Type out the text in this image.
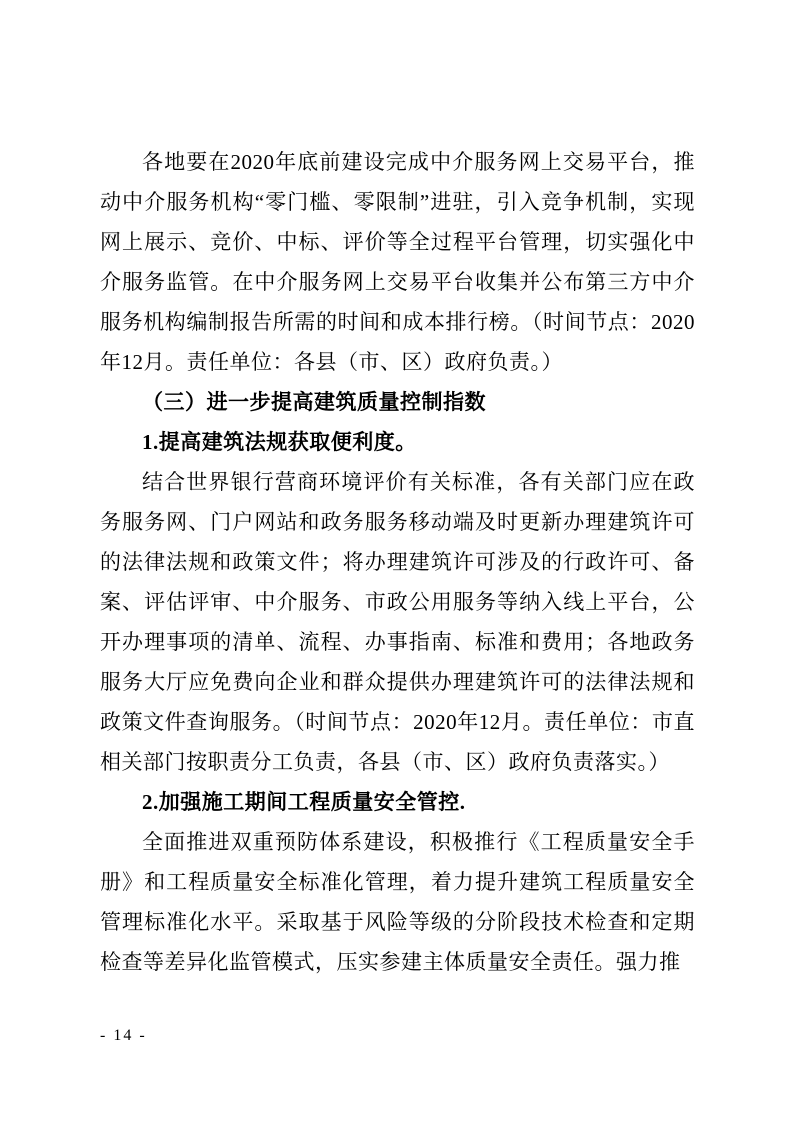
各地要在2020年底前建设完成中介服务网上交易平台，推动中介服务机构“零门槛、零限制”进驻，引入竞争机制，实现网上展示、竞价、中标、评价等全过程平台管理，切实强化中介服务监管。在中介服务网上交易平台收集并公布第三方中介服务机构编制报告所需的时间和成本排行榜。（时间节点：2020年12月。责任单位：各县（市、区）政府负责。）

（三）进一步提高建筑质量控制指数
1.提高建筑法规获取便利度。

结合世界银行营商环境评价有关标准，各有关部门应在政务服务网、门户网站和政务服务移动端及时更新办理建筑许可的法律法规和政策文件；将办理建筑许可涉及的行政许可、备案、评估评审、中介服务、市政公用服务等纳入线上平台，公开办理事项的清单、流程、办事指南、标准和费用；各地政务服务大厅应免费向企业和群众提供办理建筑许可的法律法规和政策文件查询服务。（时间节点：2020年12月。责任单位：市直相关部门按职责分工负责，各县（市、区）政府负责落实。）

2.加强施工期间工程质量安全管控.

全面推进双重预防体系建设，积极推行《工程质量安全手册》和工程质量安全标准化管理，着力提升建筑工程质量安全管理标准化水平。采取基于风险等级的分阶段技术检查和定期检查等差异化监管模式，压实参建主体质量安全责任。强力推

- 14 -
